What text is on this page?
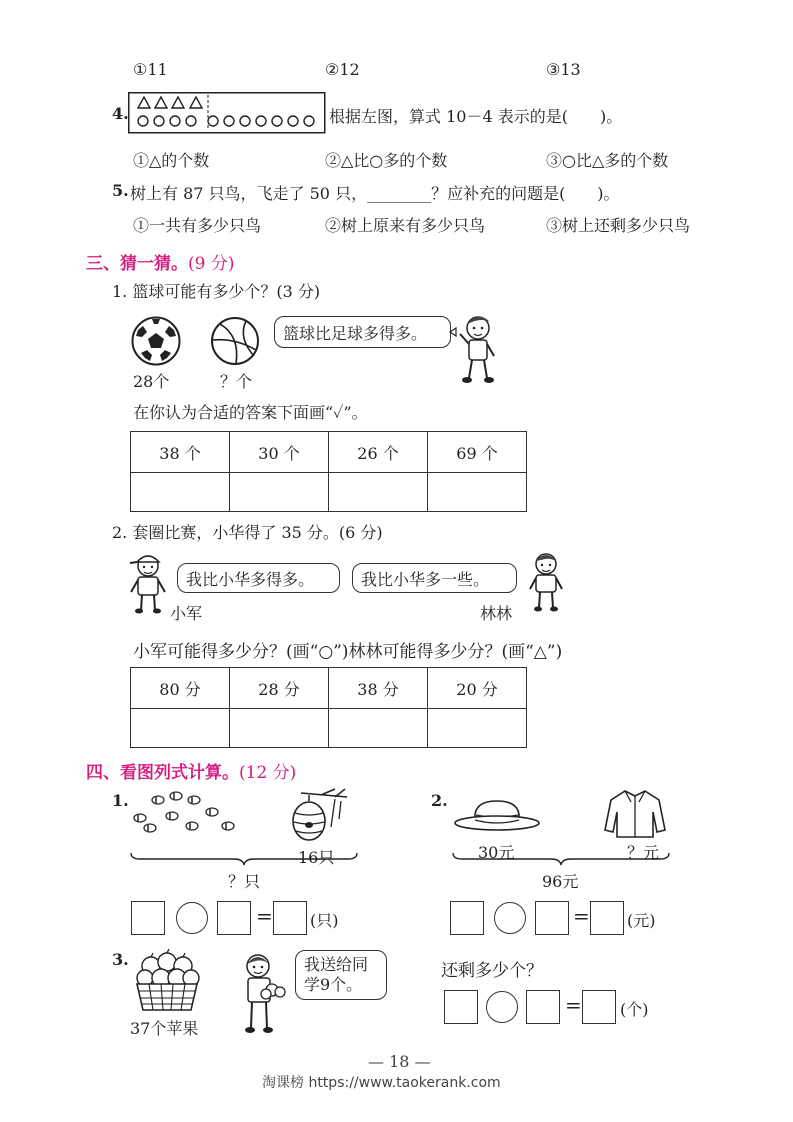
①11	②12	③13
4.	根据左图，算式 10－4 表示的是(　　)。
①△的个数	②△比○多的个数	③○比△多的个数
5. 树上有 87 只鸟，飞走了 50 只，________？应补充的问题是(　　)。
①一共有多少只鸟	②树上原来有多少只鸟	③树上还剩多少只鸟
三、猜一猜。(9 分)
1. 篮球可能有多少个？(3 分)
28个	？个
篮球比足球多得多。
在你认为合适的答案下面画“✓”。
38 个	30 个	26 个	69 个

2. 套圈比赛，小华得了 35 分。(6 分)
我比小华多得多。	我比小华多一些。
小军	林林
小军可能得多少分？(画“○”)林林可能得多少分？(画“△”)
80 分	28 分	38 分	20 分

四、看图列式计算。(12 分)
1.
16只
？只
= (只)
2.
30元	？元
96元
= (元)
3.
37个苹果
我送给同学9个。
还剩多少个？
= (个)
— 18 —
淘课榜 https://www.taokerank.com
